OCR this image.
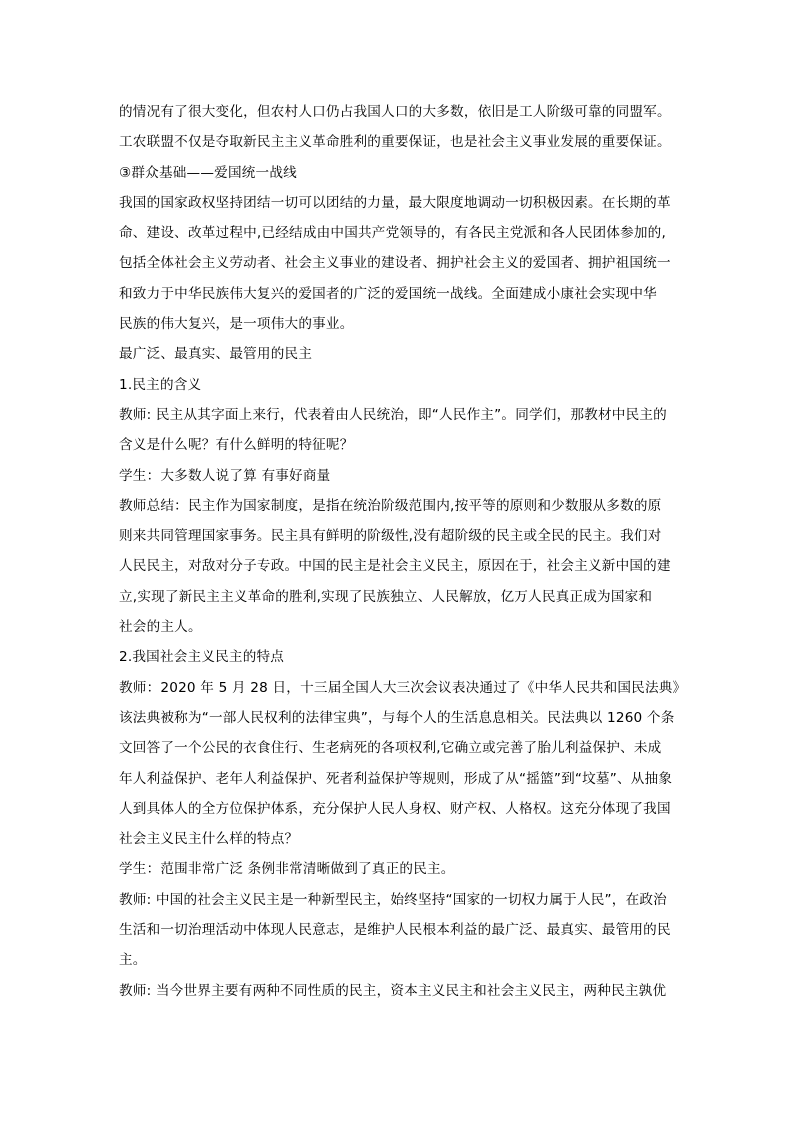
的情况有了很大变化，但农村人口仍占我国人口的大多数，依旧是工人阶级可靠的同盟军。
工农联盟不仅是夺取新民主主义革命胜利的重要保证，也是社会主义事业发展的重要保证。
③群众基础——爱国统一战线
我国的国家政权坚持团结一切可以团结的力量，最大限度地调动一切积极因素。在长期的革
命、建设、改革过程中,已经结成由中国共产党领导的，有各民主党派和各人民团体参加的,
包括全体社会主义劳动者、社会主义事业的建设者、拥护社会主义的爱国者、拥护祖国统一
和致力于中华民族伟大复兴的爱国者的广泛的爱国统一战线。全面建成小康社会实现中华
民族的伟大复兴，是一项伟大的事业。
最广泛、最真实、最管用的民主
1.民主的含义
教师: 民主从其字面上来行，代表着由人民统治，即“人民作主”。同学们，那教材中民主的
含义是什么呢？有什么鲜明的特征呢？
学生：大多数人说了算 有事好商量
教师总结：民主作为国家制度，是指在统治阶级范围内,按平等的原则和少数服从多数的原
则来共同管理国家事务。民主具有鲜明的阶级性,没有超阶级的民主或全民的民主。我们对
人民民主，对敌对分子专政。中国的民主是社会主义民主，原因在于，社会主义新中国的建
立,实现了新民主主义革命的胜利,实现了民族独立、人民解放，亿万人民真正成为国家和
社会的主人。
2.我国社会主义民主的特点
教师：2020 年 5 月 28 日，十三届全国人大三次会议表决通过了《中华人民共和国民法典》
该法典被称为“一部人民权利的法律宝典”，与每个人的生活息息相关。民法典以 1260 个条
文回答了一个公民的衣食住行、生老病死的各项权利,它确立或完善了胎儿利益保护、未成
年人利益保护、老年人利益保护、死者利益保护等规则，形成了从“摇篮”到“坟墓”、从抽象
人到具体人的全方位保护体系，充分保护人民人身权、财产权、人格权。这充分体现了我国
社会主义民主什么样的特点？
学生：范围非常广泛 条例非常清晰做到了真正的民主。
教师: 中国的社会主义民主是一种新型民主，始终坚持“国家的一切权力属于人民”，在政治
生活和一切治理活动中体现人民意志，是维护人民根本利益的最广泛、最真实、最管用的民
主。
教师: 当今世界主要有两种不同性质的民主，资本主义民主和社会主义民主，两种民主孰优
